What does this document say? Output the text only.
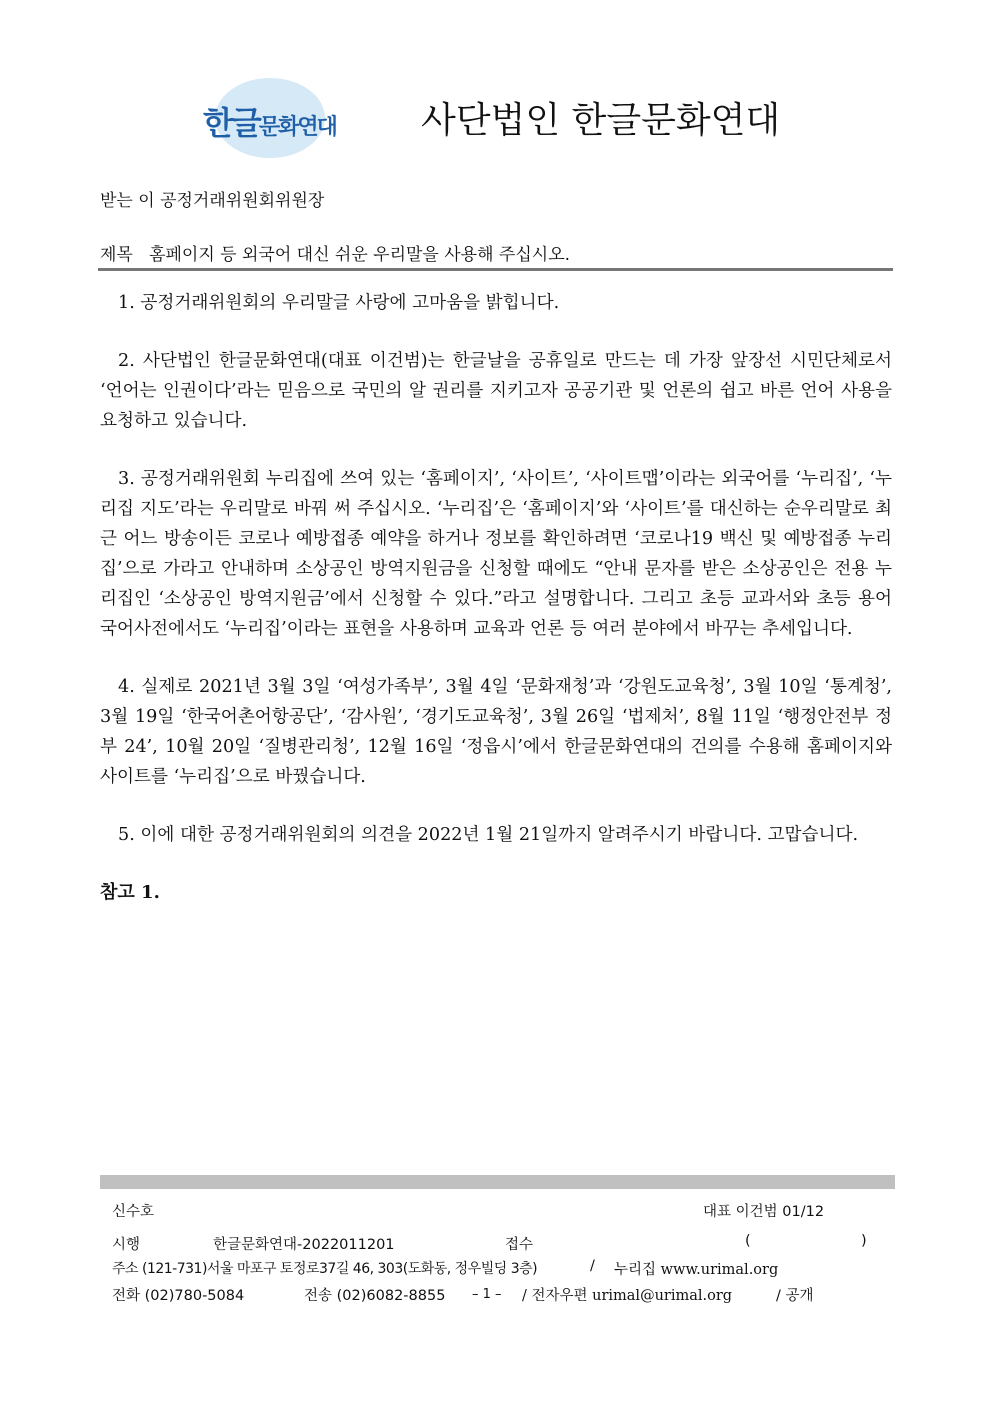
한글문화연대 사단법인 한글문화연대
받는 이 공정거래위원회위원장
제목 홈페이지 등 외국어 대신 쉬운 우리말을 사용해 주십시오.

1. 공정거래위원회의 우리말글 사랑에 고마움을 밝힙니다.

2. 사단법인 한글문화연대(대표 이건범)는 한글날을 공휴일로 만드는 데 가장 앞장선 시민단체로서 ‘언어는 인권이다’라는 믿음으로 국민의 알 권리를 지키고자 공공기관 및 언론의 쉽고 바른 언어 사용을 요청하고 있습니다.

3. 공정거래위원회 누리집에 쓰여 있는 ‘홈페이지’, ‘사이트’, ‘사이트맵’이라는 외국어를 ‘누리집’, ‘누리집 지도’라는 우리말로 바꿔 써 주십시오. ‘누리집’은 ‘홈페이지’와 ‘사이트’를 대신하는 순우리말로 최근 어느 방송이든 코로나 예방접종 예약을 하거나 정보를 확인하려면 ‘코로나19 백신 및 예방접종 누리집’으로 가라고 안내하며 소상공인 방역지원금을 신청할 때에도 “안내 문자를 받은 소상공인은 전용 누리집인 ‘소상공인 방역지원금’에서 신청할 수 있다.”라고 설명합니다. 그리고 초등 교과서와 초등 용어 국어사전에서도 ‘누리집’이라는 표현을 사용하며 교육과 언론 등 여러 분야에서 바꾸는 추세입니다.

4. 실제로 2021년 3월 3일 ‘여성가족부’, 3월 4일 ‘문화재청’과 ‘강원도교육청’, 3월 10일 ‘통계청’, 3월 19일 ‘한국어촌어항공단’, ‘감사원’, ‘경기도교육청’, 3월 26일 ‘법제처’, 8월 11일 ‘행정안전부 정부 24’, 10월 20일 ‘질병관리청’, 12월 16일 ‘정읍시’에서 한글문화연대의 건의를 수용해 홈페이지와 사이트를 ‘누리집’으로 바꿨습니다.

5. 이에 대한 공정거래위원회의 의견을 2022년 1월 21일까지 알려주시기 바랍니다. 고맙습니다.

참고 1.
신수호	대표 이건범 01/12
시행	한글문화연대-2022011201	접수	(	)
주소 (121-731)서울 마포구 토정로37길 46, 303(도화동, 정우빌딩 3층)	/ 누리집 www.urimal.org
전화 (02)780-5084	전송 (02)6082-8855 – 1 – / 전자우편 urimal@urimal.org	/ 공개
